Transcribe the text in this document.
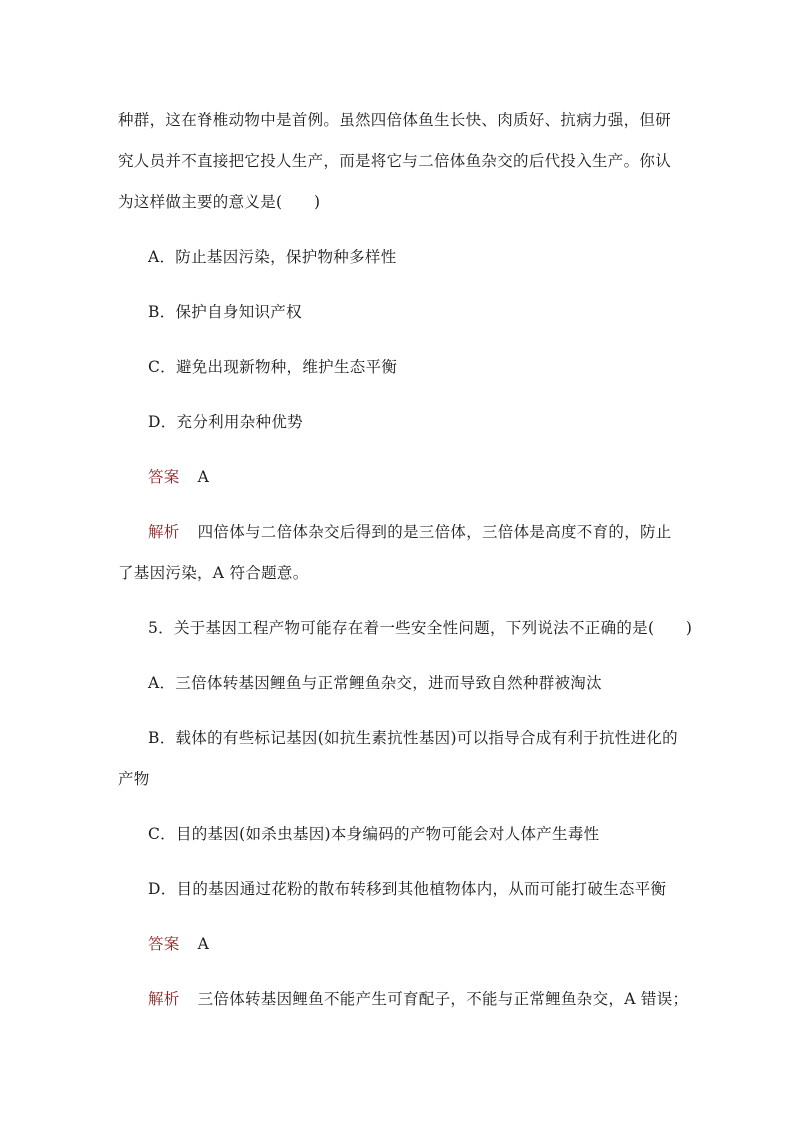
种群，这在脊椎动物中是首例。虽然四倍体鱼生长快、肉质好、抗病力强，但研
究人员并不直接把它投人生产，而是将它与二倍体鱼杂交的后代投入生产。你认
为这样做主要的意义是(　　)
A．防止基因污染，保护物种多样性
B．保护自身知识产权
C．避免出现新物种，维护生态平衡
D．充分利用杂种优势
答案 A
解析 四倍体与二倍体杂交后得到的是三倍体，三倍体是高度不育的，防止
了基因污染，A 符合题意。
5．关于基因工程产物可能存在着一些安全性问题，下列说法不正确的是(　　)
A．三倍体转基因鲤鱼与正常鲤鱼杂交，进而导致自然种群被淘汰
B．载体的有些标记基因(如抗生素抗性基因)可以指导合成有利于抗性进化的
产物
C．目的基因(如杀虫基因)本身编码的产物可能会对人体产生毒性
D．目的基因通过花粉的散布转移到其他植物体内，从而可能打破生态平衡
答案 A
解析 三倍体转基因鲤鱼不能产生可育配子，不能与正常鲤鱼杂交，A 错误；
